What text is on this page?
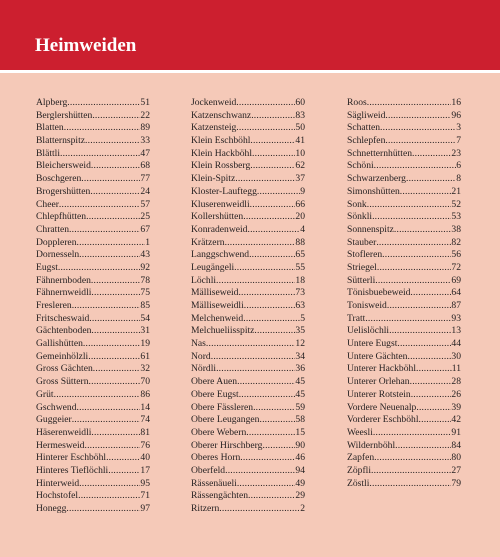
Heimweiden
Alpberg .....	51
Berglershütten .....	22
Blatten .....	89
Blatternspitz .....	33
Blättli .....	47
Bleichersweid .....	68
Boschgeren .....	77
Brogershütten .....	24
Cheer .....	57
Chlepfhütten .....	25
Chratten .....	67
Doppleren .....	1
Dornesseln .....	43
Eugst .....	92
Fähnernboden .....	78
Fähnernweidli .....	75
Fresleren .....	85
Fritscheswaid .....	54
Gächtenboden .....	31
Gallishütten .....	19
Gemeinhölzli .....	61
Gross Gächten .....	32
Gross Süttern .....	70
Grüt .....	86
Gschwend .....	14
Guggeier .....	74
Häserenweidli .....	81
Hermesweid .....	76
Hinterer Eschböhl .....	40
Hinteres Tieflöchli .....	17
Hinterweid .....	95
Hochstofel .....	71
Honegg .....	97
Jockenweid .....	60
Katzenschwanz .....	83
Katzensteig .....	50
Klein Eschböhl .....	41
Klein Hackböhl .....	10
Klein Rossberg .....	62
Klein-Spitz .....	37
Kloster-Lauftegg .....	9
Kluserenweidli .....	66
Kollershütten .....	20
Konradenweid .....	4
Krätzern .....	88
Langgschwend .....	65
Leugängeli .....	55
Löchli .....	18
Mälliseweid .....	73
Mälliseweidli .....	63
Melchenweid .....	5
Melchueliisspitz .....	35
Nas .....	12
Nord .....	34
Nördli .....	36
Obere Auen .....	45
Obere Eugst .....	45
Obere Fässleren .....	59
Obere Leugangen .....	58
Obere Webern .....	15
Oberer Hirschberg .....	90
Oberes Horn .....	46
Oberfeld .....	94
Rässenäueli .....	49
Rässengächten .....	29
Ritzern .....	2
Roos .....	16
Sägliweid .....	96
Schatten .....	3
Schlepfen .....	7
Schnetternhütten .....	23
Schöni .....	6
Schwarzenberg .....	8
Simonshütten .....	21
Sonk .....	52
Sönkli .....	53
Sonnenspitz .....	38
Stauber .....	82
Stofleren .....	56
Striegel .....	72
Sütterli .....	69
Tönisbuebeweid .....	64
Tonisweid .....	87
Tratt .....	93
Uelislöchli .....	13
Untere Eugst .....	44
Untere Gächten .....	30
Unterer Hackböhl .....	11
Unterer Orlehan .....	28
Unterer Rotstein .....	26
Vordere Neuenalp .....	39
Vorderer Eschböhl .....	42
Weesli .....	91
Wildernböhl .....	84
Zapfen .....	80
Zöpfli .....	27
Zöstli .....	79
